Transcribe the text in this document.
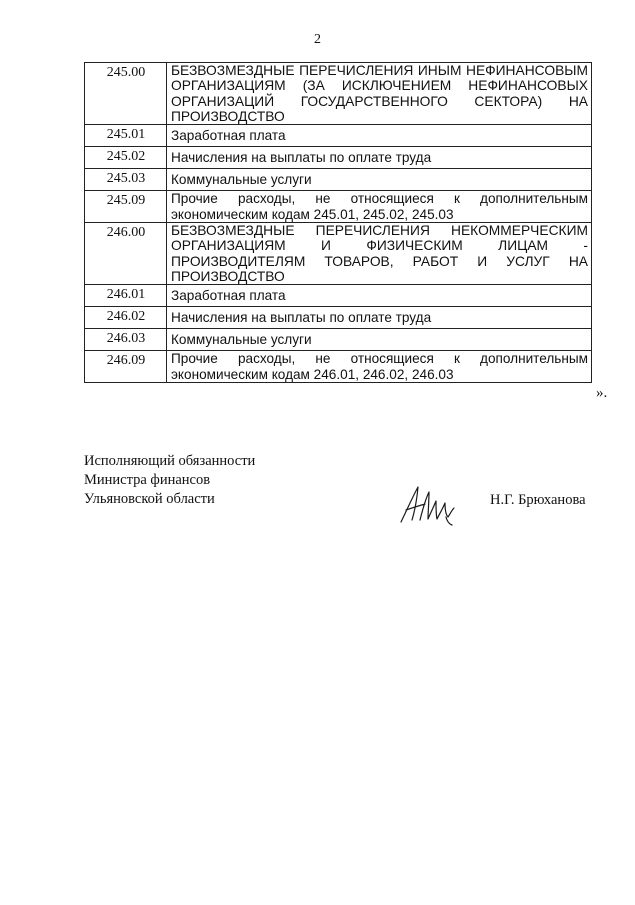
2
245.00	БЕЗВОЗМЕЗДНЫЕ ПЕРЕЧИСЛЕНИЯ ИНЫМ НЕФИНАНСОВЫМ ОРГАНИЗАЦИЯМ (ЗА ИСКЛЮЧЕНИЕМ НЕФИНАНСОВЫХ ОРГАНИЗАЦИЙ ГОСУДАРСТВЕННОГО СЕКТОРА) НА ПРОИЗВОДСТВО
245.01	Заработная плата
245.02	Начисления на выплаты по оплате труда
245.03	Коммунальные услуги
245.09	Прочие расходы, не относящиеся к дополнительным экономическим кодам 245.01, 245.02, 245.03
246.00	БЕЗВОЗМЕЗДНЫЕ ПЕРЕЧИСЛЕНИЯ НЕКОММЕРЧЕСКИМ ОРГАНИЗАЦИЯМ И ФИЗИЧЕСКИМ ЛИЦАМ - ПРОИЗВОДИТЕЛЯМ ТОВАРОВ, РАБОТ И УСЛУГ НА ПРОИЗВОДСТВО
246.01	Заработная плата
246.02	Начисления на выплаты по оплате труда
246.03	Коммунальные услуги
246.09	Прочие расходы, не относящиеся к дополнительным экономическим кодам 246.01, 246.02, 246.03
».
Исполняющий обязанности
Министра финансов
Ульяновской области	Н.Г. Брюханова
